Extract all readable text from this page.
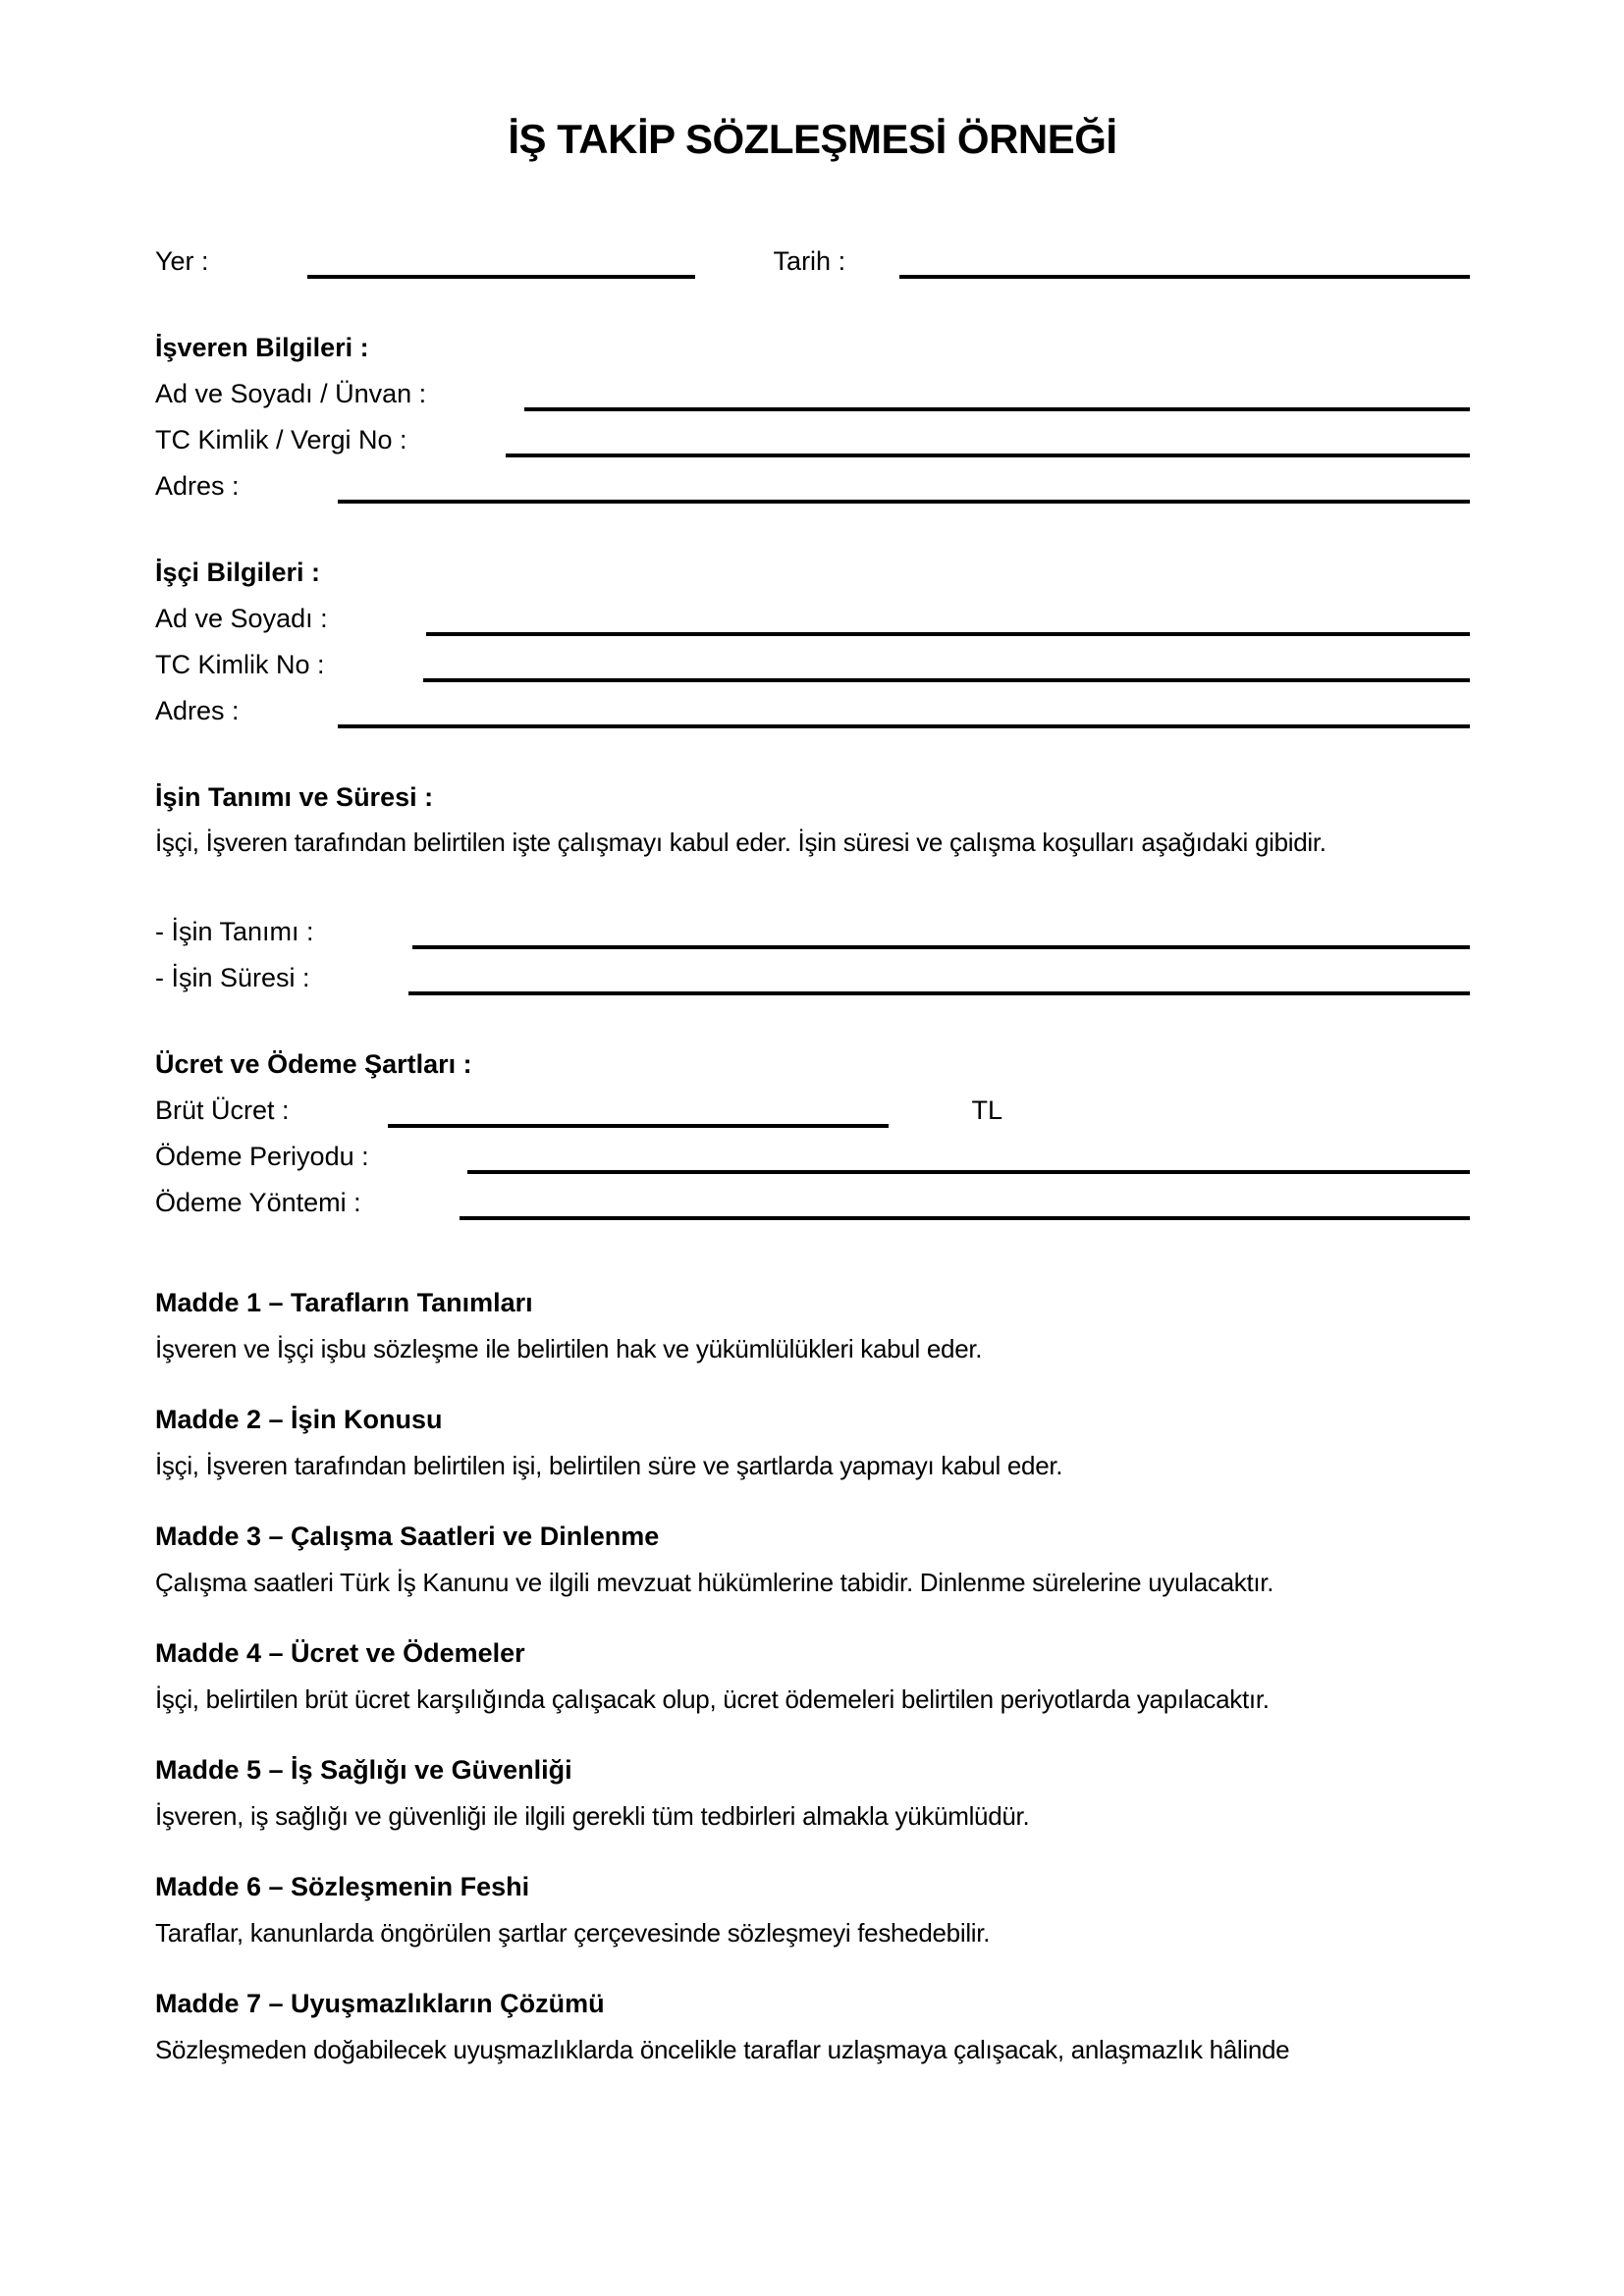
İŞ TAKİP SÖZLEŞMESİ ÖRNEĞİ
Yer :	Tarih :
İşveren Bilgileri :
Ad ve Soyadı / Ünvan :
TC Kimlik / Vergi No :
Adres :
İşçi Bilgileri :
Ad ve Soyadı :
TC Kimlik No :
Adres :
İşin Tanımı ve Süresi :

İşçi, İşveren tarafından belirtilen işte çalışmayı kabul eder. İşin süresi ve çalışma koşulları aşağıdaki gibidir.

- İşin Tanımı :
- İşin Süresi :
Ücret ve Ödeme Şartları :
Brüt Ücret :	TL
Ödeme Periyodu :
Ödeme Yöntemi :
Madde 1 – Tarafların Tanımları

İşveren ve İşçi işbu sözleşme ile belirtilen hak ve yükümlülükleri kabul eder.

Madde 2 – İşin Konusu

İşçi, İşveren tarafından belirtilen işi, belirtilen süre ve şartlarda yapmayı kabul eder.

Madde 3 – Çalışma Saatleri ve Dinlenme

Çalışma saatleri Türk İş Kanunu ve ilgili mevzuat hükümlerine tabidir. Dinlenme sürelerine uyulacaktır.

Madde 4 – Ücret ve Ödemeler

İşçi, belirtilen brüt ücret karşılığında çalışacak olup, ücret ödemeleri belirtilen periyotlarda yapılacaktır.

Madde 5 – İş Sağlığı ve Güvenliği

İşveren, iş sağlığı ve güvenliği ile ilgili gerekli tüm tedbirleri almakla yükümlüdür.

Madde 6 – Sözleşmenin Feshi

Taraflar, kanunlarda öngörülen şartlar çerçevesinde sözleşmeyi feshedebilir.

Madde 7 – Uyuşmazlıkların Çözümü

Sözleşmeden doğabilecek uyuşmazlıklarda öncelikle taraflar uzlaşmaya çalışacak, anlaşmazlık hâlinde
